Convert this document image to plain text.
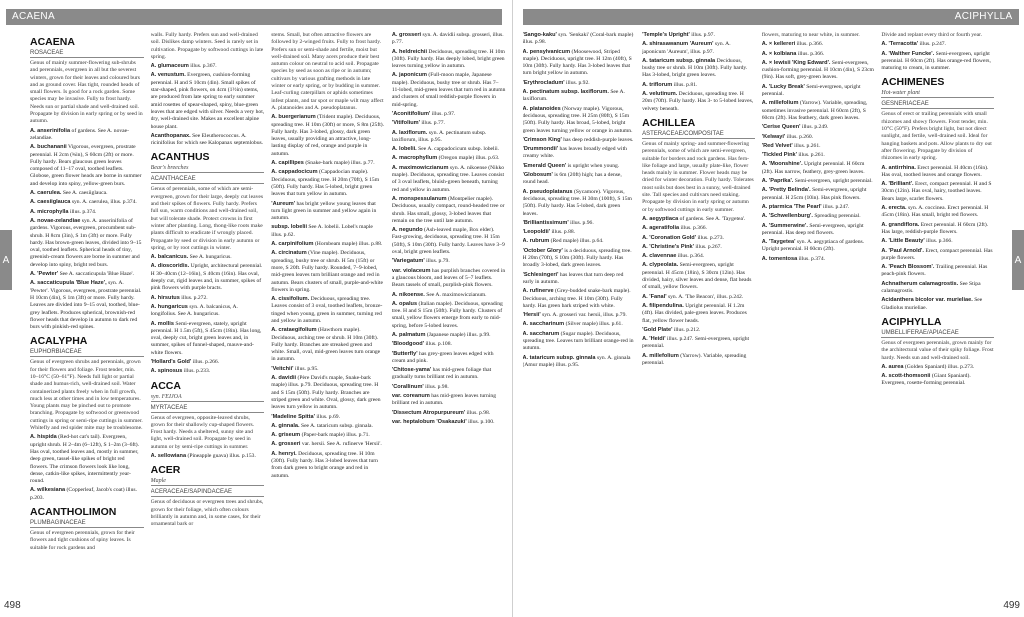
ACAENA
A
ACAENA
ROSACEAE

Genus of mainly summer-flowering sub-shrubs and perennials, evergreen in all but the severest winters, grown for their leaves and coloured burs and as ground cover. Has tight, rounded heads of small flowers. Is good for a rock garden. Some species may be invasive. Fully to frost hardy. Needs sun or partial shade and well-drained soil. Propagate by division in early spring or by seed in autumn.

A. anserinifolia of gardens. See A. novae-zelandiae.

A. buchananii Vigorous, evergreen, prostrate perennial. H 2cm (¾in), S 60cm (2ft) or more. Fully hardy. Bears glaucous green leaves composed of 11–17 oval, toothed leaflets. Globose, green flower heads are borne in summer and develop into spiny, yellow-green burs.

A. caerulea. See A. caesiiglauca.

A. caesiiglauca syn. A. caerulea, illus. p.374.

A. microphylla illus. p.374.

A. novae-zelandiae syn. A. anserinifolia of gardens. Vigorous, evergreen, procumbent sub-shrub. H 8cm (3in), S 1m (3ft) or more. Fully hardy. Has brown-green leaves, divided into 9–15 oval, toothed leaflets. Spherical heads of tiny, greenish-cream flowers are borne in summer and develop into spiny, bright red burs.

A. 'Pewter' See A. saccaticupula 'Blue Haze'.

A. saccaticupula 'Blue Haze', syn. A. 'Pewter'. Vigorous, evergreen, prostrate perennial. H 10cm (4in), S 1m (3ft) or more. Fully hardy. Leaves are divided into 9–15 oval, toothed, blue-grey leaflets. Produces spherical, brownish-red flower heads that develop in autumn to dark red burs with pinkish-red spines.

ACALYPHA
EUPHORBIACEAE

Genus of evergreen shrubs and perennials, grown for their flowers and foliage. Frost tender, min. 10–16°C (50–61°F). Needs full light or partial shade and humus-rich, well-drained soil. Water containerized plants freely when in full growth, much less at other times and in low temperatures. Young plants may be pinched out to promote branching. Propagate by softwood or greenwood cuttings in spring or semi-ripe cuttings in summer. Whitefly and red spider mite may be troublesome.

A. hispida (Red-hot cat's tail). Evergreen, upright shrub. H 2–4m (6–12ft), S 1–2m (3–6ft). Has oval, toothed leaves and, mostly in summer, deep green, tassel-like spikes of bright red flowers. The crimson flowers look like long, dense, catkin-like spikes, intermittently year-round.

A. wilkesiana (Copperleaf, Jacob's coat) illus. p.203.

ACANTHOLIMON
PLUMBAGINACEAE

Genus of evergreen perennials, grown for their flowers and tight cushions of spiny leaves. Is suitable for rock gardens and

walls. Fully hardy. Prefers sun and well-drained soil. Dislikes damp winters. Seed is rarely set in cultivation. Propagate by softwood cuttings in late spring.

A. glumaceum illus. p.367.

A. venustum. Evergreen, cushion-forming perennial. H and S 10cm (4in). Small spikes of star-shaped, pink flowers, on 4cm (1½in) stems, are produced from late spring to early summer amid rosettes of spear-shaped, spiny, blue-green leaves that are edged with silver. Needs a very hot, dry, well-drained site. Makes an excellent alpine house plant.

Acanthopanax. See Eleutherococcus. A. ricinifolius for which see Kalopanax septemlobus.

ACANTHUS
Bear's breeches
ACANTHACEAE

Genus of perennials, some of which are semi-evergreen, grown for their large, deeply cut leaves and their spikes of flowers. Fully hardy. Prefers full sun, warm conditions and well-drained soil, but will tolerate shade. Protect crowns in first winter after planting. Long, thong-like roots make plants difficult to eradicate if wrongly placed. Propagate by seed or division in early autumn or spring, or by root cuttings in winter.

A. balcanicus. See A. hungaricus.

A. dioscoridis. Upright, architectural perennial. H 30–40cm (12–16in), S 40cm (16in). Has oval, deeply cut, rigid leaves and, in summer, spikes of pink flowers with purple bracts.

A. hirsutus illus. p.272.

A. hungaricus syn. A. balcanicus, A. longifolius. See A. hungaricus.

A. mollis Semi-evergreen, stately, upright perennial. H 1.5m (5ft), S 45cm (18in). Has long, oval, deeply cut, bright green leaves and, in summer, spikes of funnel-shaped, mauve-and-white flowers.

'Hollard's Gold' illus. p.266.

A. spinosus illus. p.233.

ACCA
syn. FEIJOA
MYRTACEAE

Genus of evergreen, opposite-leaved shrubs, grown for their shallowly cup-shaped flowers. Frost hardy. Needs a sheltered, sunny site and light, well-drained soil. Propagate by seed in autumn or by semi-ripe cuttings in summer.

A. sellowiana (Pineapple guava) illus. p.153.

ACER
Maple
ACERACEAE/SAPINDACEAE

Genus of deciduous or evergreen trees and shrubs, grown for their foliage, which often colours brilliantly in autumn and, in some cases, for their ornamental bark or

stems. Small, but often attractive flowers are followed by 2-winged fruits. Fully to frost hardy. Prefers sun or semi-shade and fertile, moist but well-drained soil. Many acers produce their best autumn colour on neutral to acid soil. Propagate species by seed as soon as ripe or in autumn; cultivars by various grafting methods in late winter or early spring, or by budding in summer. Leaf-curling caterpillars or aphids sometimes infest plants, and tar spot or maple wilt may affect A. platanoides and A. pseudoplatanus.

A. buergerianum (Trident maple). Deciduous, spreading tree. H 10m (30ft) or more, S 8m (25ft). Fully hardy. Has 3-lobed, glossy, dark green leaves, usually providing an attractive, long-lasting display of red, orange and purple in autumn.

A. capillipes (Snake-bark maple) illus. p.77.

A. cappadocicum (Cappadocian maple). Deciduous, spreading tree. H 20m (70ft), S 15m (50ft). Fully hardy. Has 5-lobed, bright green leaves that turn yellow in autumn.

'Aureum' has bright yellow young leaves that turn light green in summer and yellow again in autumn.

subsp. lobelii See A. lobelii. Lobel's maple illus. p.62.

A. carpinifolium (Hornbeam maple) illus. p.88.

A. circinatum (Vine maple). Deciduous, spreading, bushy tree or shrub. H 5m (15ft) or more, S 20ft. Fully hardy. Rounded, 7–9-lobed, mid-green leaves turn brilliant orange and red in autumn. Bears clusters of small, purple-and-white flowers in spring.

A. cissifolium. Deciduous, spreading tree. Leaves consist of 3 oval, toothed leaflets, bronze-tinged when young, green in summer, turning red and yellow in autumn.

A. crataegifolium (Hawthorn maple). Deciduous, arching tree or shrub. H 10m (30ft). Fully hardy. Branches are streaked green and white. Small, oval, mid-green leaves turn orange in autumn.

'Veitchii' illus. p.95.

A. davidii (Père David's maple, Snake-bark maple) illus. p.79. Deciduous, spreading tree. H and S 15m (50ft). Fully hardy. Branches are striped green and white. Oval, glossy, dark green leaves turn yellow in autumn.

'Madeline Spitta' illus. p.69.

A. ginnala. See A. tataricum subsp. ginnala.

A. griseum (Paper-bark maple) illus. p.71.

A. grosseri var. hersii. See A. rufinerve 'Hersii'.

A. henryi. Deciduous, spreading tree. H 10m (30ft). Fully hardy. Has 3-lobed leaves that turn from dark green to bright orange and red in autumn.

A. grosseri syn. A. davidii subsp. grosseri, illus. p.77.

A. heldreichii Deciduous, spreading tree. H 10m (30ft). Fully hardy. Has deeply lobed, bright green leaves turning yellow in autumn.

A. japonicum (Full-moon maple, Japanese maple). Deciduous, bushy tree or shrub. Has 7–11-lobed, mid-green leaves that turn red in autumn and clusters of small reddish-purple flowers in mid-spring.

'Aconitifolium' illus. p.97.

'Vitifolium' illus. p.77.

A. laxiflorum. syn. A. pectinatum subsp. laxiflorum, illus. p.95.

A. lobelii. See A. cappadocicum subsp. lobelii.

A. macrophyllum (Oregon maple) illus. p.63.

A. maximowiczianum syn. A. nikoense (Nikko maple). Deciduous, spreading tree. Leaves consist of 3 oval leaflets, bluish-green beneath, turning red and yellow in autumn.

A. monspessulanum (Montpelier maple). Deciduous, usually compact, round-headed tree or shrub. Has small, glossy, 3-lobed leaves that remain on the tree until late autumn.

A. negundo (Ash-leaved maple, Box elder). Fast-growing, deciduous, spreading tree. H 15m (50ft), S 10m (30ft). Fully hardy. Leaves have 3–9 oval, bright green leaflets.

'Variegatum' illus. p.79.

var. violaceum has purplish branches covered in a glaucous bloom, and leaves of 5–7 leaflets. Bears tassels of small, purplish-pink flowers.

A. nikoense. See A. maximowiczianum.

A. opalus (Italian maple). Deciduous, spreading tree. H and S 15m (50ft). Fully hardy. Clusters of small, yellow flowers emerge from early to mid-spring, before 5-lobed leaves.

A. palmatum (Japanese maple) illus. p.99.

'Bloodgood' illus. p.108.

'Butterfly' has grey-green leaves edged with cream and pink.

'Chitose-yama' has mid-green foliage that gradually turns brilliant red in autumn.

'Corallinum' illus. p.98.

var. coreanum has mid-green leaves turning brilliant red in autumn.

'Dissectum Atropurpureum' illus. p.98.

var. heptalobum 'Osakazuki' illus. p.100.

498
ACIPHYLLA
A

'Sango-kaku' syn. 'Senkaki' (Coral-bark maple) illus. p.98.

A. pensylvanicum (Moosewood, Striped maple). Deciduous, upright tree. H 12m (40ft), S 10m (30ft). Fully hardy. Has 3-lobed leaves that turn bright yellow in autumn.

'Erythrocladum' illus. p.92.

A. pectinatum subsp. laxiflorum. See A. laxiflorum.

A. platanoides (Norway maple). Vigorous, deciduous, spreading tree. H 25m (80ft), S 15m (50ft). Fully hardy. Has broad, 5-lobed, bright green leaves turning yellow or orange in autumn.

'Crimson King' has deep reddish-purple leaves.

'Drummondii' has leaves broadly edged with creamy white.

'Emerald Queen' is upright when young.

'Globosum' is 6m (20ft) high; has a dense, round head.

A. pseudoplatanus (Sycamore). Vigorous, deciduous, spreading tree. H 30m (100ft), S 15m (50ft). Fully hardy. Has 5-lobed, dark green leaves.

'Brilliantissimum' illus. p.96.

'Leopoldii' illus. p.88.

A. rubrum (Red maple) illus. p.64.

'October Glory' is a deciduous, spreading tree. H 20m (70ft), S 10m (30ft). Fully hardy. Has broadly 3-lobed, dark green leaves.

'Schlesingeri' has leaves that turn deep red early in autumn.

A. rufinerve (Grey-budded snake-bark maple). Deciduous, arching tree. H 10m (30ft). Fully hardy. Has green bark striped with white.

'Hersii' syn. A. grosseri var. hersii, illus. p.79.

A. saccharinum (Silver maple) illus. p.61.

A. saccharum (Sugar maple). Deciduous, spreading tree. Leaves turn brilliant orange-red in autumn.

A. tataricum subsp. ginnala syn. A. ginnala (Amur maple) illus. p.95.

'Temple's Upright' illus. p.97.

A. shirasawanum 'Aureum' syn. A. japonicum 'Aureum', illus. p.97.

A. tataricum subsp. ginnala Deciduous, bushy tree or shrub. H 10m (30ft). Fully hardy. Has 3-lobed, bright green leaves.

A. triflorum illus. p.81.

A. velutinum. Deciduous, spreading tree. H 20m (70ft). Fully hardy. Has 3- to 5-lobed leaves, velvety beneath.

ACHILLEA
ASTERACEAE/COMPOSITAE

Genus of mainly spring- and summer-flowering perennials, some of which are semi-evergreen, suitable for borders and rock gardens. Has fern-like foliage and large, usually plate-like, flower heads mainly in summer. Flower heads may be dried for winter decoration. Fully hardy. Tolerates most soils but does best in a sunny, well-drained site. Tall species and cultivars need staking. Propagate by division in early spring or autumn or by softwood cuttings in early summer.

A. aegyptiaca of gardens. See A. 'Taygetea'.

A. ageratifolia illus. p.366.

A. 'Coronation Gold' illus. p.273.

A. 'Christine's Pink' illus. p.267.

A. clavennae illus. p.364.

A. clypeolata. Semi-evergreen, upright perennial. H 45cm (18in), S 30cm (12in). Has divided, hairy, silver leaves and dense, flat heads of small, yellow flowers.

A. 'Fanal' syn. A. 'The Beacon', illus. p.242.

A. filipendulina. Upright perennial. H 1.2m (4ft). Has divided, pale-green leaves. Produces flat, yellow flower heads.

'Gold Plate' illus. p.212.

A. 'Heidi' illus. p.247. Semi-evergreen, upright perennial.

A. millefolium (Yarrow). Variable, spreading perennial.

flowers, maturing to near white, in summer.

A. × kellereri illus. p.366.

A. × kolbiana illus. p.366.

A. × lewisii 'King Edward'. Semi-evergreen, cushion-forming perennial. H 10cm (4in), S 23cm (9in). Has soft, grey-green leaves.

A. 'Lucky Break' Semi-evergreen, upright perennial.

A. millefolium (Yarrow). Variable, spreading, sometimes invasive perennial. H 60cm (2ft), S 60cm (2ft). Has feathery, dark green leaves.

'Cerise Queen' illus. p.249.

'Kelwayi' illus. p.260.

'Red Velvet' illus. p.261.

'Tickled Pink' illus. p.261.

A. 'Moonshine'. Upright perennial. H 60cm (2ft). Has narrow, feathery, grey-green leaves.

A. 'Paprika'. Semi-evergreen, upright perennial.

A. 'Pretty Belinda'. Semi-evergreen, upright perennial. H 25cm (10in). Has pink flowers.

A. ptarmica 'The Pearl' illus. p.247.

A. 'Schwellenburg'. Spreading perennial.

A. 'Summerwine'. Semi-evergreen, upright perennial. Has deep red flowers.

A. 'Taygetea' syn. A. aegyptiaca of gardens. Upright perennial. H 60cm (2ft).

A. tomentosa illus. p.374.

Divide and replant every third or fourth year.

A. 'Terracotta' illus. p.247.

A. 'Walther Funcke'. Semi-evergreen, upright perennial. H 60cm (2ft). Has orange-red flowers, maturing to cream, in summer.

ACHIMENES
Hot-water plant
GESNERIACEAE

Genus of erect or trailing perennials with small rhizomes and showy flowers. Frost tender, min. 10°C (50°F). Prefers bright light, but not direct sunlight, and fertile, well-drained soil. Ideal for hanging baskets and pots. Allow plants to dry out after flowering. Propagate by division of rhizomes in early spring.

A. antirrhina. Erect perennial. H 40cm (16in). Has oval, toothed leaves and orange flowers.

A. 'Brilliant'. Erect, compact perennial. H and S 30cm (12in). Has oval, hairy, toothed leaves. Bears large, scarlet flowers.

A. erecta. syn. A. coccinea. Erect perennial. H 45cm (18in). Has small, bright red flowers.

A. grandiflora. Erect perennial. H 60cm (2ft). Has large, reddish-purple flowers.

A. 'Little Beauty' illus. p.366.

A. 'Paul Arnold'. Erect, compact perennial. Has purple flowers.

A. 'Peach Blossom'. Trailing perennial. Has peach-pink flowers.

Achnatherum calamagrostis. See Stipa calamagrostis.

Acidanthera bicolor var. murieliae. See Gladiolus murieliae.

ACIPHYLLA
UMBELLIFERAE/APIACEAE

Genus of evergreen perennials, grown mainly for the architectural value of their spiky foliage. Frost hardy. Needs sun and well-drained soil.

A. aurea (Golden Spaniard) illus. p.273.

A. scott-thomsonii (Giant Spaniard). Evergreen, rosette-forming perennial.

499
